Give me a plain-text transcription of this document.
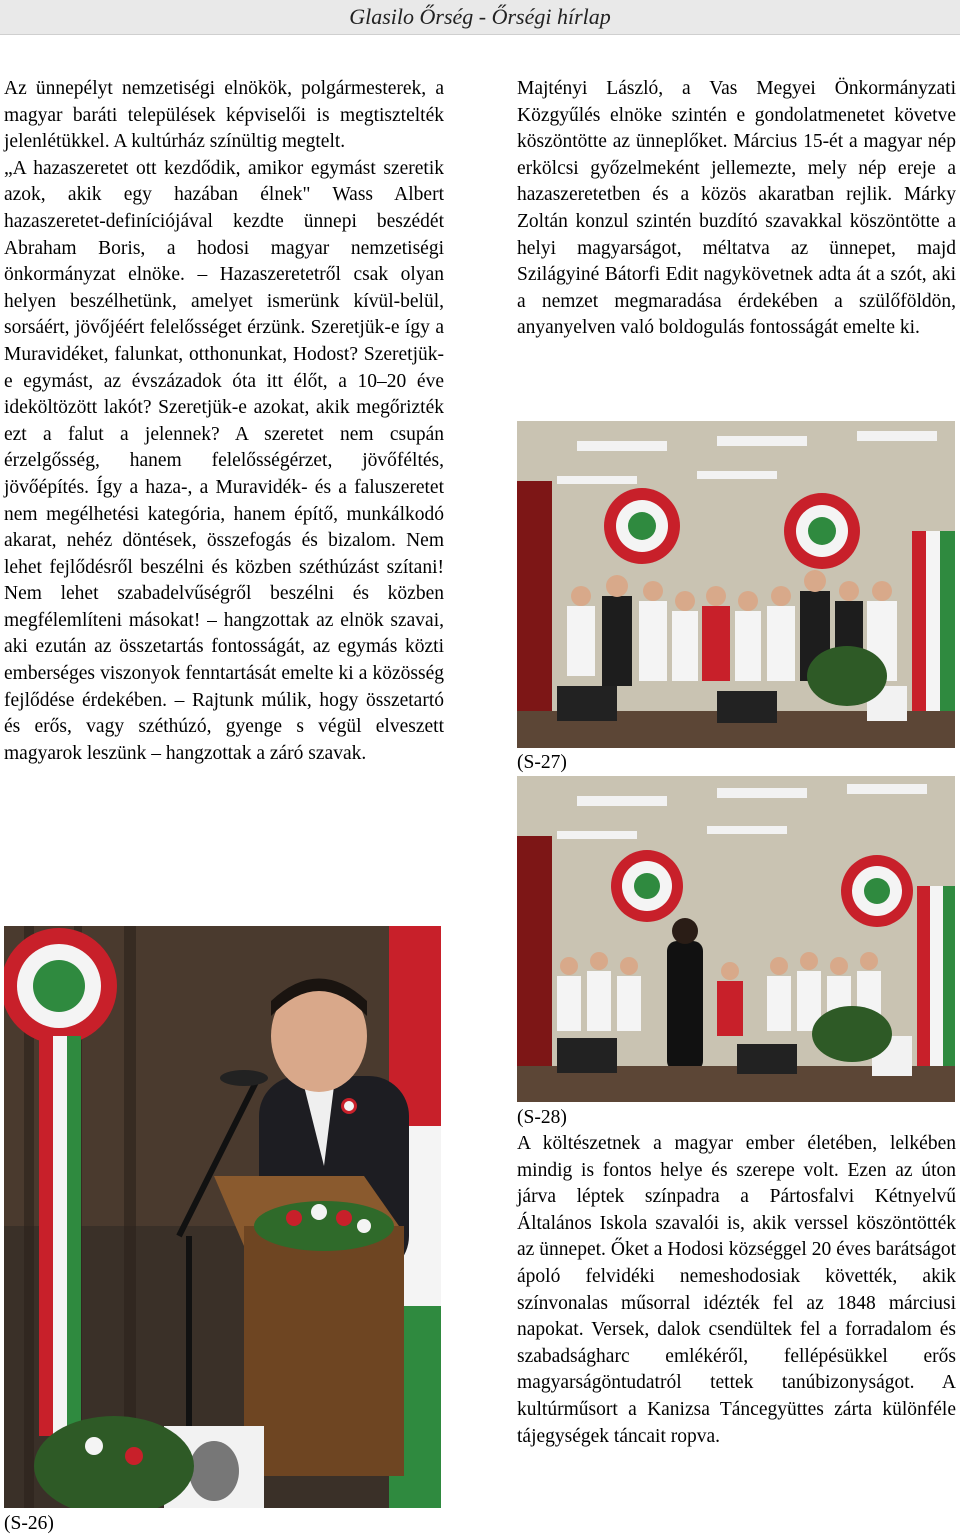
Glasilo Őrség - Őrségi hírlap

Az ünnepélyt nemzetiségi elnökök, polgármesterek, a magyar baráti települések képviselői is megtisztelték jelenlétükkel. A kultúrház színültig megtelt.
„A hazaszeretet ott kezdődik, amikor egymást szeretik azok, akik egy hazában élnek" Wass Albert hazaszeretet-definíciójával kezdte ünnepi beszédét Abraham Boris, a hodosi magyar nemzetiségi önkormányzat elnöke. – Hazaszeretetről csak olyan helyen beszélhetünk, amelyet ismerünk kívül-belül, sorsáért, jövőjéért felelősséget érzünk. Szeretjük-e így a Muravidéket, falunkat, otthonunkat, Hodost? Szeretjük-e egymást, az évszázadok óta itt élőt, a 10–20 éve ideköltözött lakót? Szeretjük-e azokat, akik megőrizték ezt a falut a jelennek? A szeretet nem csupán érzelgősség, hanem felelősségérzet, jövőféltés, jövőépítés. Így a haza-, a Muravidék- és a faluszeretet nem megélhetési kategória, hanem építő, munkálkodó akarat, nehéz döntések, összefogás és bizalom. Nem lehet fejlődésről beszélni és közben széthúzást szítani! Nem lehet szabadelvűségről beszélni és közben megfélemlíteni másokat! – hangzottak az elnök szavai, aki ezután az összetartás fontosságát, az egymás közti emberséges viszonyok fenntartását emelte ki a közösség fejlődése érdekében. – Rajtunk múlik, hogy összetartó és erős, vagy széthúzó, gyenge s végül elveszett magyarok leszünk – hangzottak a záró szavak.

(S-26)

Majtényi László, a Vas Megyei Önkormányzati Közgyűlés elnöke szintén e gondolatmenetet követve köszöntötte az ünneplőket. Március 15-ét a magyar nép erkölcsi győzelmeként jellemezte, mely nép ereje a hazaszeretetben és a közös akaratban rejlik. Márky Zoltán konzul szintén buzdító szavakkal köszöntötte a helyi magyarságot, méltatva az ünnepet, majd Szilágyiné Bátorfi Edit nagykövetnek adta át a szót, aki a nemzet megmaradása érdekében a szülőföldön, anyanyelven való boldogulás fontosságát emelte ki.

(S-27)

(S-28)

A költészetnek a magyar ember életében, lelkében mindig is fontos helye és szerepe volt. Ezen az úton járva léptek színpadra a Pártosfalvi Kétnyelvű Általános Iskola szavalói is, akik verssel köszöntötték az ünnepet. Őket a Hodosi községgel 20 éves barátságot ápoló felvidéki nemeshodosiak követték, akik színvonalas műsorral idézték fel az 1848 márciusi napokat. Versek, dalok csendültek fel a forradalom és szabadságharc emlékéről, fellépésükkel erős magyarságöntudatról tettek tanúbizonyságot. A kultúrműsort a Kanizsa Táncegyüttes zárta különféle tájegységek táncait ropva.
